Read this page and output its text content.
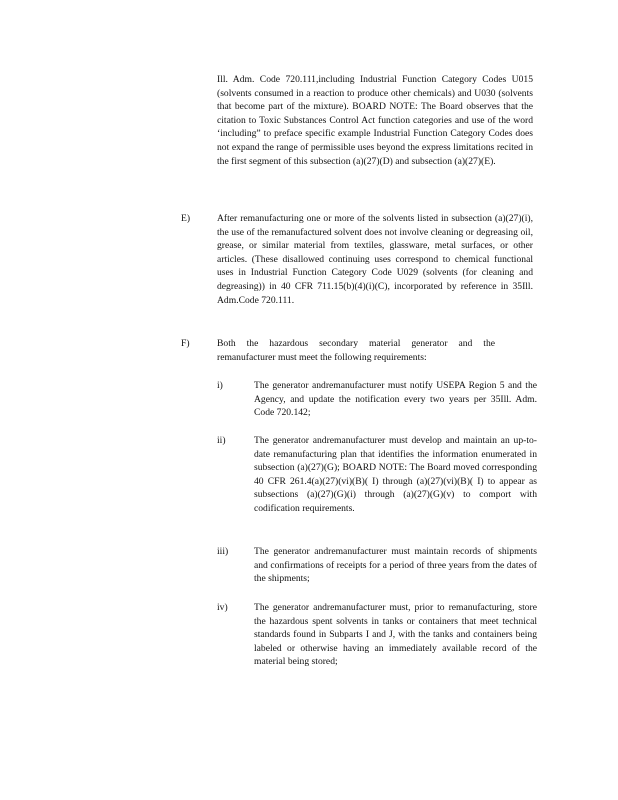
Ill. Adm. Code 720.111,including Industrial Function Category Codes U015 (solvents consumed in a reaction to produce other chemicals) and U030 (solvents that become part of the mixture). BOARD NOTE: The Board observes that the citation to Toxic Substances Control Act function categories and use of the word ‘including” to preface specific example Industrial Function Category Codes does not expand the range of permissible uses beyond the express limitations recited in the first segment of this subsection (a)(27)(D) and subsection (a)(27)(E).

E)	After remanufacturing one or more of the solvents listed in subsection (a)(27)(i), the use of the remanufactured solvent does not involve cleaning or degreasing oil, grease, or similar material from textiles, glassware, metal surfaces, or other articles. (These disallowed continuing uses correspond to chemical functional uses in Industrial Function Category Code U029 (solvents (for cleaning and degreasing)) in 40 CFR 711.15(b)(4)(i)(C), incorporated by reference in 35Ill. Adm.Code 720.111.

F)	Both the hazardous secondary material generator and the remanufacturer must meet the following requirements:

i)	The generator andremanufacturer must notify USEPA Region 5 and the Agency, and update the notification every two years per 35Ill. Adm. Code 720.142;

ii)	The generator andremanufacturer must develop and maintain an up-to-date remanufacturing plan that identifies the information enumerated in subsection (a)(27)(G); BOARD NOTE: The Board moved corresponding 40 CFR 261.4(a)(27)(vi)(B)( I) through (a)(27)(vi)(B)( I) to appear as subsections (a)(27)(G)(i) through (a)(27)(G)(v) to comport with codification requirements.

iii)	The generator andremanufacturer must maintain records of shipments and confirmations of receipts for a period of three years from the dates of the shipments;

iv)	The generator andremanufacturer must, prior to remanufacturing, store the hazardous spent solvents in tanks or containers that meet technical standards found in Subparts I and J, with the tanks and containers being labeled or otherwise having an immediately available record of the material being stored;
